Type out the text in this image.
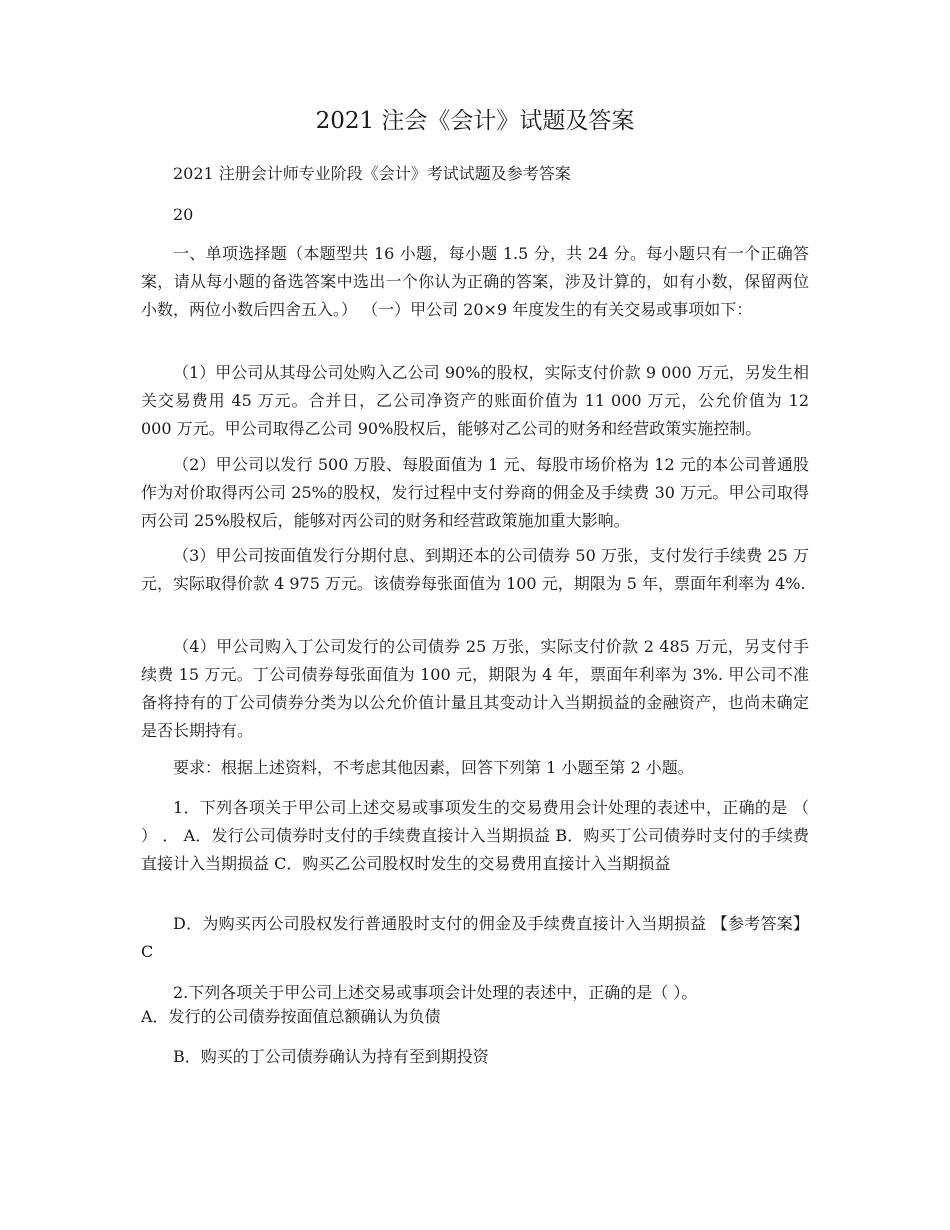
2021 注会《会计》试题及答案
2021 注册会计师专业阶段《会计》考试试题及参考答案
20
一、单项选择题（本题型共 16 小题，每小题 1.5 分，共 24 分。每小题只有一个正确答案，请从每小题的备选答案中选出一个你认为正确的答案，涉及计算的，如有小数，保留两位小数，两位小数后四舍五入。） （一）甲公司 20×9 年度发生的有关交易或事项如下：
（1）甲公司从其母公司处购入乙公司 90%的股权，实际支付价款 9 000 万元，另发生相关交易费用 45 万元。合并日，乙公司净资产的账面价值为 11 000 万元，公允价值为 12 000 万元。甲公司取得乙公司 90%股权后，能够对乙公司的财务和经营政策实施控制。
（2）甲公司以发行 500 万股、每股面值为 1 元、每股市场价格为 12 元的本公司普通股作为对价取得丙公司 25%的股权，发行过程中支付券商的佣金及手续费 30 万元。甲公司取得丙公司 25%股权后，能够对丙公司的财务和经营政策施加重大影响。
（3）甲公司按面值发行分期付息、到期还本的公司债券 50 万张，支付发行手续费 25 万元，实际取得价款 4 975 万元。该债券每张面值为 100 元，期限为 5 年，票面年利率为 4%.
（4）甲公司购入丁公司发行的公司债券 25 万张，实际支付价款 2 485 万元，另支付手续费 15 万元。丁公司债券每张面值为 100 元，期限为 4 年，票面年利率为 3%. 甲公司不准备将持有的丁公司债券分类为以公允价值计量且其变动计入当期损益的金融资产，也尚未确定是否长期持有。
要求：根据上述资料，不考虑其他因素，回答下列第 1 小题至第 2 小题。
1．下列各项关于甲公司上述交易或事项发生的交易费用会计处理的表述中，正确的是 （ ） ． A．发行公司债券时支付的手续费直接计入当期损益 B．购买丁公司债券时支付的手续费直接计入当期损益 C．购买乙公司股权时发生的交易费用直接计入当期损益
D．为购买丙公司股权发行普通股时支付的佣金及手续费直接计入当期损益 【参考答案】C
2.下列各项关于甲公司上述交易或事项会计处理的表述中，正确的是（ ）。
A．发行的公司债券按面值总额确认为负债
B．购买的丁公司债券确认为持有至到期投资
